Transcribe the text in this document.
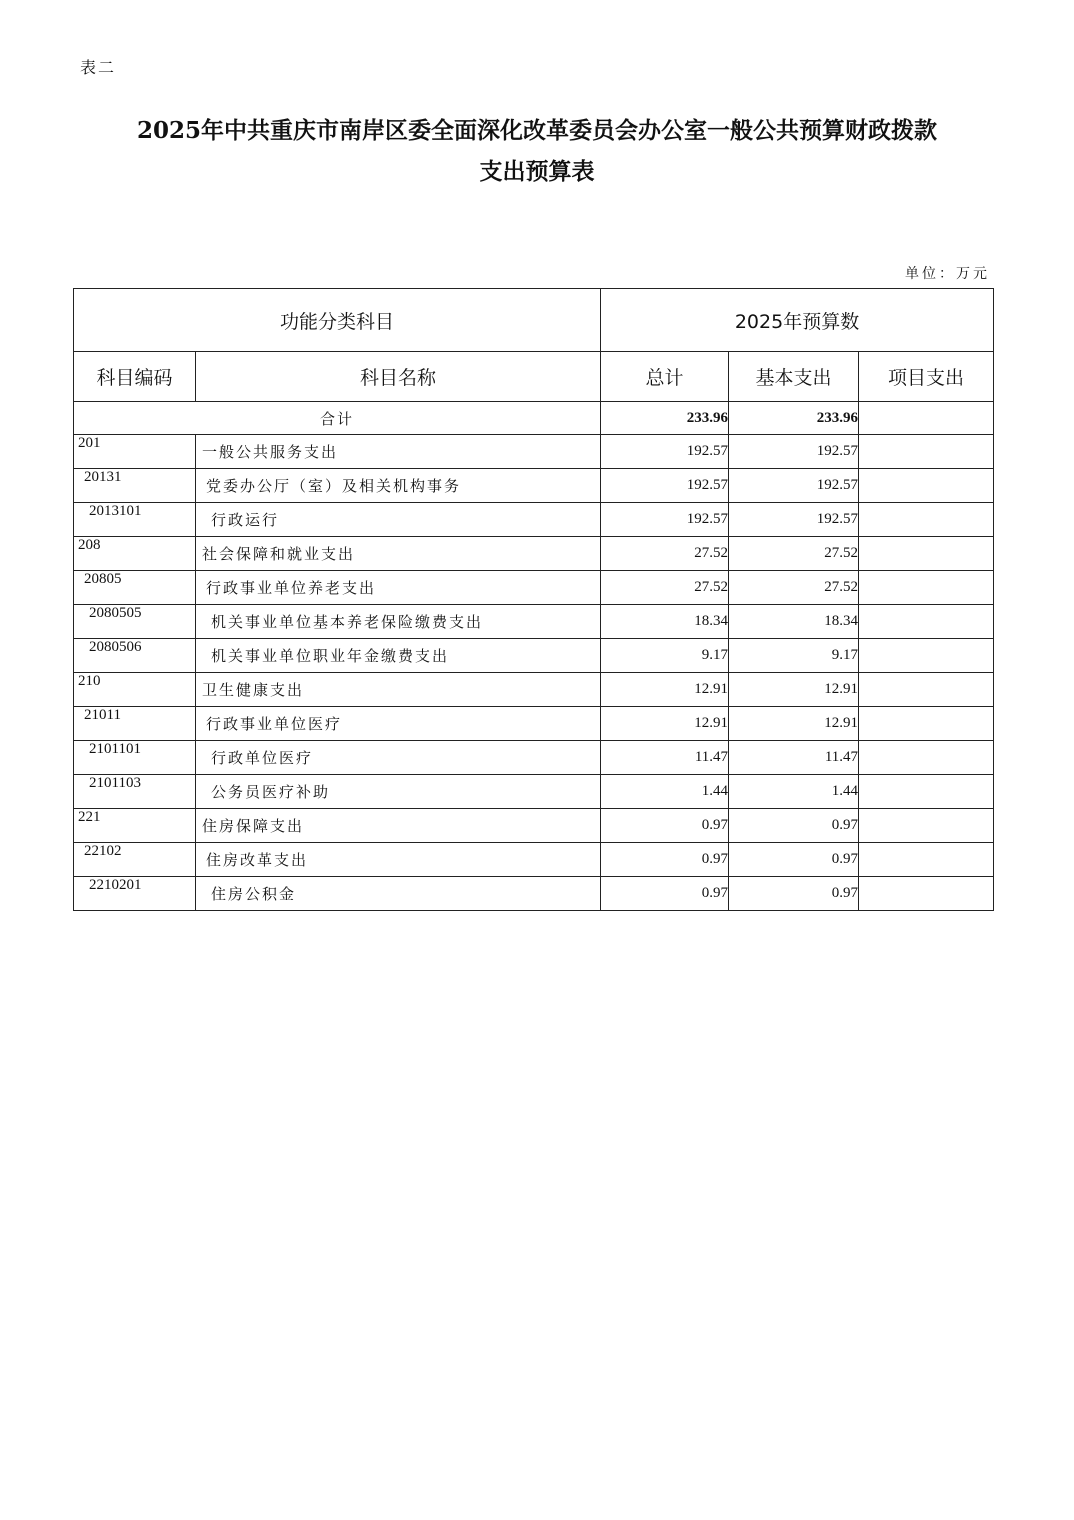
表二
2025年中共重庆市南岸区委全面深化改革委员会办公室一般公共预算财政拨款
支出预算表
单位：万元
功能分类科目		2025年预算数		
科目编码	科目名称	总计	基本支出	项目支出
合计		233.96	233.96	
201	一般公共服务支出	192.57	192.57	
20131	党委办公厅（室）及相关机构事务	192.57	192.57	
2013101	行政运行	192.57	192.57	
208	社会保障和就业支出	27.52	27.52	
20805	行政事业单位养老支出	27.52	27.52	
2080505	机关事业单位基本养老保险缴费支出	18.34	18.34	
2080506	机关事业单位职业年金缴费支出	9.17	9.17	
210	卫生健康支出	12.91	12.91	
21011	行政事业单位医疗	12.91	12.91	
2101101	行政单位医疗	11.47	11.47	
2101103	公务员医疗补助	1.44	1.44	
221	住房保障支出	0.97	0.97	
22102	住房改革支出	0.97	0.97	
2210201	住房公积金	0.97	0.97	
